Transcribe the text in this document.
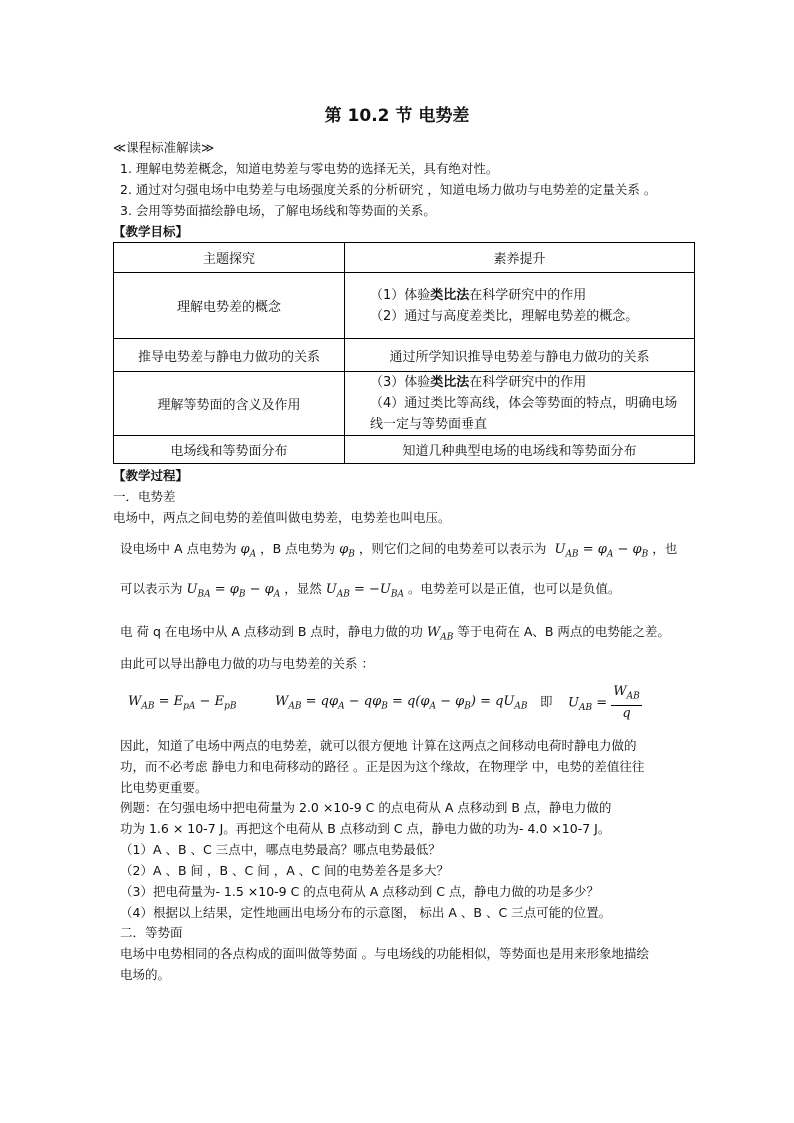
第 10.2 节 电势差
≪课程标准解读≫
1. 理解电势差概念，知道电势差与零电势的选择无关，具有绝对性。
2. 通过对匀强电场中电势差与电场强度关系的分析研究 ，知道电场力做功与电势差的定量关系 。
3. 会用等势面描绘静电场，了解电场线和等势面的关系。
【教学目标】
主题探究	素养提升
理解电势差的概念	（1）体验类比法在科学研究中的作用
（2）通过与高度差类比，理解电势差的概念。

推导电势差与静电力做功的关系	通过所学知识推导电势差与静电力做功的关系
理解等势面的含义及作用	（3）体验类比法在科学研究中的作用
（4）通过类比等高线，体会等势面的特点，明确电场
线一定与等势面垂直

电场线和等势面分布	知道几种典型电场的电场线和等势面分布
【教学过程】
一．电势差
电场中，两点之间电势的差值叫做电势差，电势差也叫电压。
设电场中 A 点电势为 $\varphi_A$ ，B 点电势为 $\varphi_B$ ，则它们之间的电势差可以表示为  $U_{AB} = \varphi_A - \varphi_B$ ，也
可以表示为 $U_{BA} = \varphi_B - \varphi_A$ ，显然 $U_{AB} = -U_{BA}$ 。电势差可以是正值，也可以是负值。
电 荷 q 在电场中从 A 点移动到 B 点时，静电力做的功 $W_{AB}$ 等于电荷在 A、B 两点的电势能之差。
由此可以导出静电力做的功与电势差的关系 ：
$W_{AB} = E_{pA} - E_{pB}$	$W_{AB} = q\varphi_A - q\varphi_B = q(\varphi_A - \varphi_B) = qU_{AB}$ 即 $U_{AB} = \frac{W_{AB}}{q}$
因此，知道了电场中两点的电势差，就可以很方便地 计算在这两点之间移动电荷时静电力做的
功，而不必考虑 静电力和电荷移动的路径 。正是因为这个缘故，在物理学 中，电势的差值往往
比电势更重要。
例题：在匀强电场中把电荷量为 2.0 ×10-9 C 的点电荷从 A 点移动到 B 点，静电力做的
功为 1.6 × 10-7 J。再把这个电荷从 B 点移动到 C 点，静电力做的功为- 4.0 ×10-7 J。
（1）A 、B 、C 三点中，哪点电势最高？哪点电势最低？
（2）A 、B 间 ，B 、C 间 ，A 、C 间的电势差各是多大？
（3）把电荷量为- 1.5 ×10-9 C 的点电荷从 A 点移动到 C 点，静电力做的功是多少？
（4）根据以上结果，定性地画出电场分布的示意图， 标出 A 、B 、C 三点可能的位置。
二．等势面
电场中电势相同的各点构成的面叫做等势面 。与电场线的功能相似，等势面也是用来形象地描绘
电场的。
